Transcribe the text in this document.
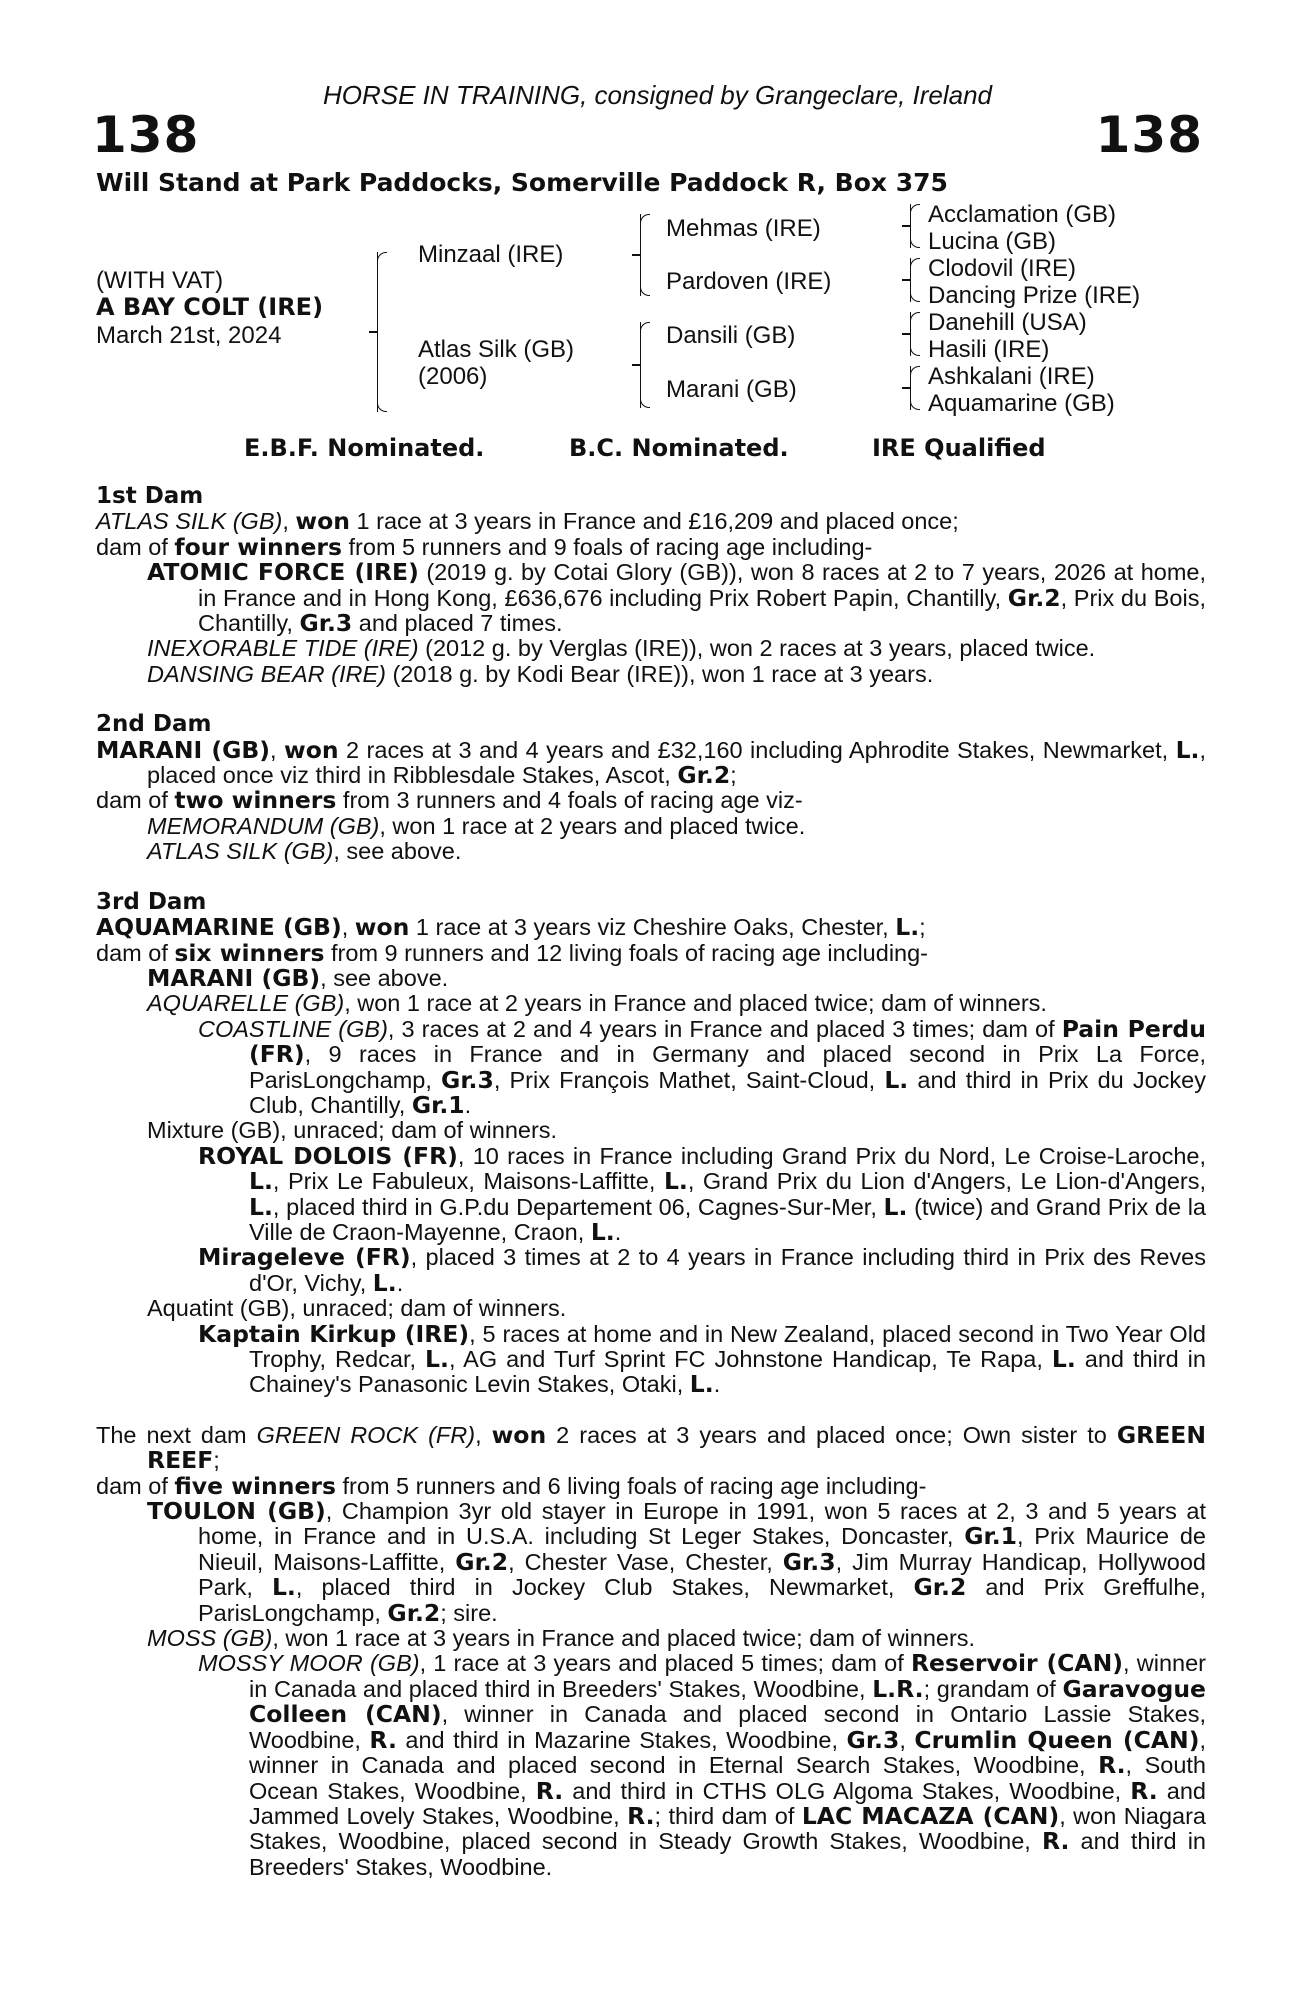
HORSE IN TRAINING, consigned by Grangeclare, Ireland
138	138
Will Stand at Park Paddocks, Somerville Paddock R, Box 375
(WITH VAT)
A BAY COLT (IRE)
March 21st, 2024
Minzaal (IRE)
Atlas Silk (GB)
(2006)
Mehmas (IRE)
Pardoven (IRE)
Dansili (GB)
Marani (GB)
Acclamation (GB)
Lucina (GB)
Clodovil (IRE)
Dancing Prize (IRE)
Danehill (USA)
Hasili (IRE)
Ashkalani (IRE)
Aquamarine (GB)
E.B.F. Nominated.	B.C. Nominated.	IRE Qualified

1st Dam

ATLAS SILK (GB), won 1 race at 3 years in France and £16,209 and placed once;

dam of four winners from 5 runners and 9 foals of racing age including-

ATOMIC FORCE (IRE) (2019 g. by Cotai Glory (GB)), won 8 races at 2 to 7 years, 2026 at home, in France and in Hong Kong, £636,676 including Prix Robert Papin, Chantilly, Gr.2, Prix du Bois, Chantilly, Gr.3 and placed 7 times.

INEXORABLE TIDE (IRE) (2012 g. by Verglas (IRE)), won 2 races at 3 years, placed twice.

DANSING BEAR (IRE) (2018 g. by Kodi Bear (IRE)), won 1 race at 3 years.

2nd Dam

MARANI (GB), won 2 races at 3 and 4 years and £32,160 including Aphrodite Stakes, Newmarket, L., placed once viz third in Ribblesdale Stakes, Ascot, Gr.2;

dam of two winners from 3 runners and 4 foals of racing age viz-

MEMORANDUM (GB), won 1 race at 2 years and placed twice.

ATLAS SILK (GB), see above.

3rd Dam

AQUAMARINE (GB), won 1 race at 3 years viz Cheshire Oaks, Chester, L.;

dam of six winners from 9 runners and 12 living foals of racing age including-

MARANI (GB), see above.

AQUARELLE (GB), won 1 race at 2 years in France and placed twice; dam of winners.

COASTLINE (GB), 3 races at 2 and 4 years in France and placed 3 times; dam of Pain Perdu (FR), 9 races in France and in Germany and placed second in Prix La Force, ParisLongchamp, Gr.3, Prix François Mathet, Saint-Cloud, L. and third in Prix du Jockey Club, Chantilly, Gr.1.

Mixture (GB), unraced; dam of winners.

ROYAL DOLOIS (FR), 10 races in France including Grand Prix du Nord, Le Croise-Laroche, L., Prix Le Fabuleux, Maisons-Laffitte, L., Grand Prix du Lion d'Angers, Le Lion-d'Angers, L., placed third in G.P.du Departement 06, Cagnes-Sur-Mer, L. (twice) and Grand Prix de la Ville de Craon-Mayenne, Craon, L..

Mirageleve (FR), placed 3 times at 2 to 4 years in France including third in Prix des Reves d'Or, Vichy, L..

Aquatint (GB), unraced; dam of winners.

Kaptain Kirkup (IRE), 5 races at home and in New Zealand, placed second in Two Year Old Trophy, Redcar, L., AG and Turf Sprint FC Johnstone Handicap, Te Rapa, L. and third in Chainey's Panasonic Levin Stakes, Otaki, L..

The next dam GREEN ROCK (FR), won 2 races at 3 years and placed once; Own sister to GREEN REEF;

dam of five winners from 5 runners and 6 living foals of racing age including-

TOULON (GB), Champion 3yr old stayer in Europe in 1991, won 5 races at 2, 3 and 5 years at home, in France and in U.S.A. including St Leger Stakes, Doncaster, Gr.1, Prix Maurice de Nieuil, Maisons-Laffitte, Gr.2, Chester Vase, Chester, Gr.3, Jim Murray Handicap, Hollywood Park, L., placed third in Jockey Club Stakes, Newmarket, Gr.2 and Prix Greffulhe, ParisLongchamp, Gr.2; sire.

MOSS (GB), won 1 race at 3 years in France and placed twice; dam of winners.

MOSSY MOOR (GB), 1 race at 3 years and placed 5 times; dam of Reservoir (CAN), winner in Canada and placed third in Breeders' Stakes, Woodbine, L.R.; grandam of Garavogue Colleen (CAN), winner in Canada and placed second in Ontario Lassie Stakes, Woodbine, R. and third in Mazarine Stakes, Woodbine, Gr.3, Crumlin Queen (CAN), winner in Canada and placed second in Eternal Search Stakes, Woodbine, R., South Ocean Stakes, Woodbine, R. and third in CTHS OLG Algoma Stakes, Woodbine, R. and Jammed Lovely Stakes, Woodbine, R.; third dam of LAC MACAZA (CAN), won Niagara Stakes, Woodbine, placed second in Steady Growth Stakes, Woodbine, R. and third in Breeders' Stakes, Woodbine.
